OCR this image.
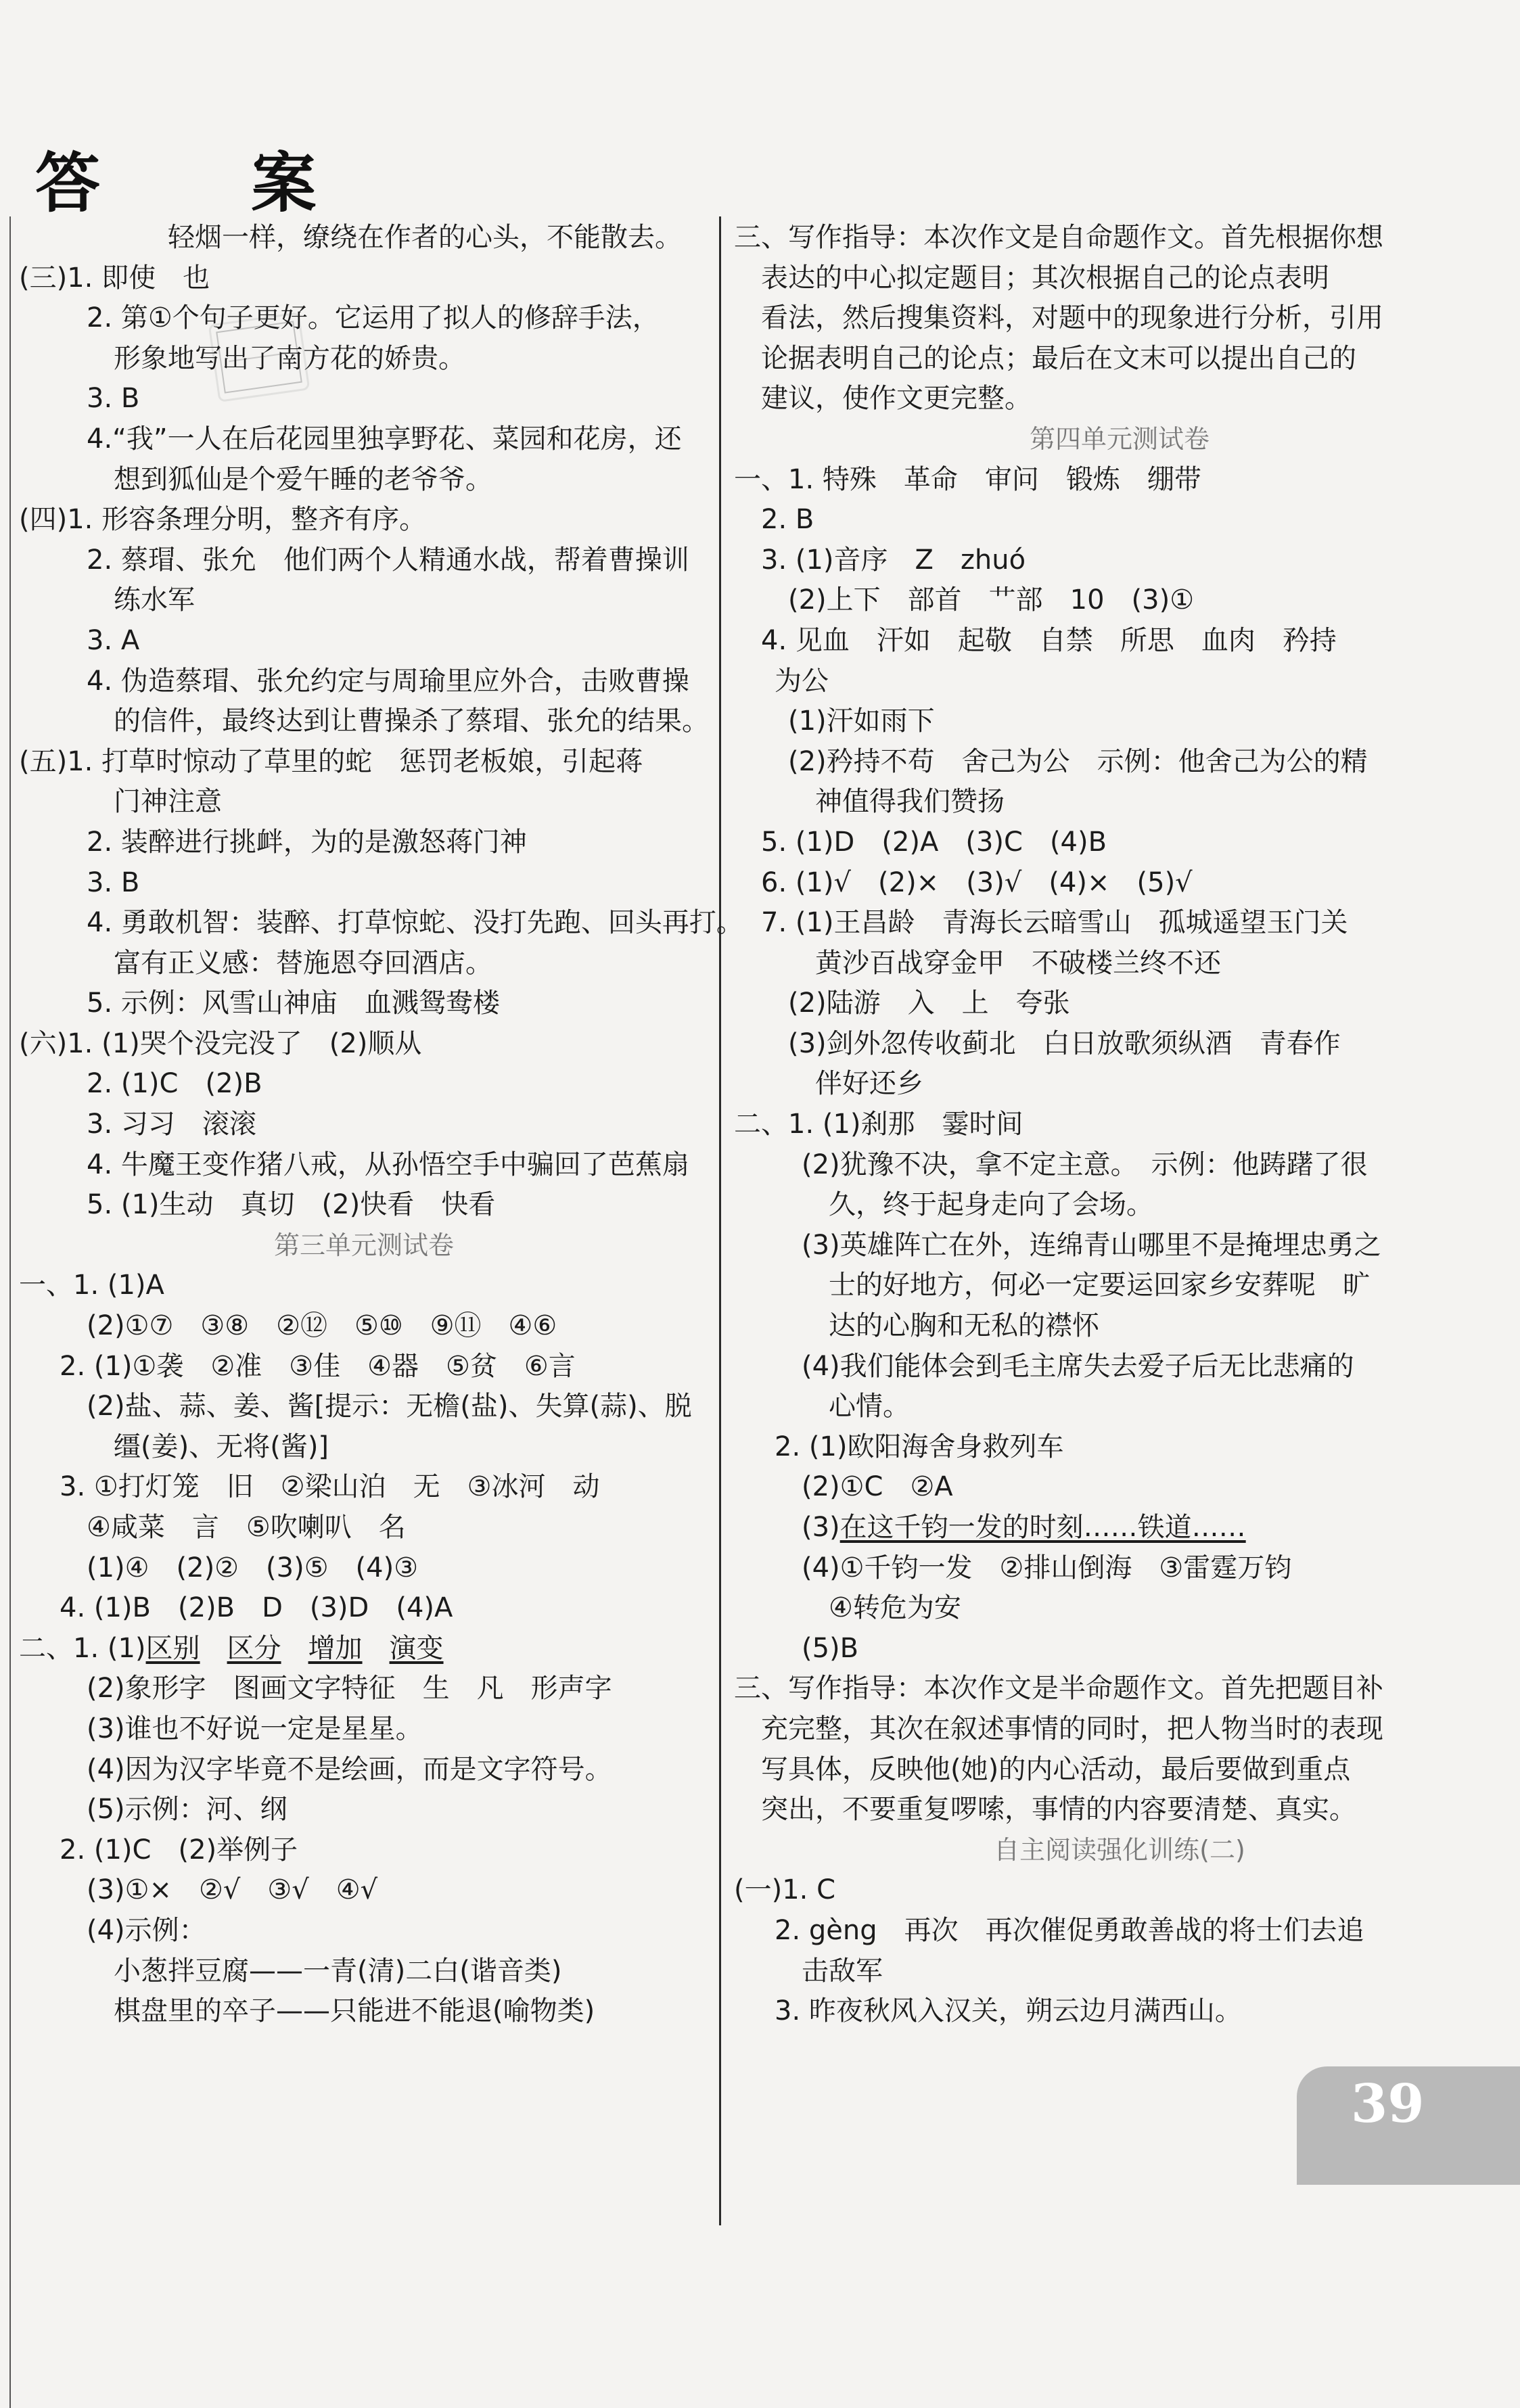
答 案
轻烟一样，缭绕在作者的心头，不能散去。
(三)1. 即使　也
2. 第①个句子更好。它运用了拟人的修辞手法，
形象地写出了南方花的娇贵。
3. B
4.“我”一人在后花园里独享野花、菜园和花房，还
想到狐仙是个爱午睡的老爷爷。
(四)1. 形容条理分明，整齐有序。
2. 蔡瑁、张允　他们两个人精通水战，帮着曹操训
练水军
3. A
4. 伪造蔡瑁、张允约定与周瑜里应外合，击败曹操
的信件，最终达到让曹操杀了蔡瑁、张允的结果。
(五)1. 打草时惊动了草里的蛇　惩罚老板娘，引起蒋
门神注意
2. 装醉进行挑衅，为的是激怒蒋门神
3. B
4. 勇敢机智：装醉、打草惊蛇、没打先跑、回头再打。
富有正义感：替施恩夺回酒店。
5. 示例：风雪山神庙　血溅鸳鸯楼
(六)1. (1)哭个没完没了　(2)顺从
2. (1)C　(2)B
3. 习习　滚滚
4. 牛魔王变作猪八戒，从孙悟空手中骗回了芭蕉扇
5. (1)生动　真切　(2)快看　快看
第三单元测试卷
一、1. (1)A
(2)①⑦　③⑧　②⑫　⑤⑩　⑨⑪　④⑥
2. (1)①袭　②准　③佳　④器　⑤贫　⑥言
(2)盐、蒜、姜、酱[提示：无檐(盐)、失算(蒜)、脱
缰(姜)、无将(酱)]
3. ①打灯笼　旧　②梁山泊　无　③冰河　动
④咸菜　言　⑤吹喇叭　名
(1)④　(2)②　(3)⑤　(4)③
4. (1)B　(2)B　D　(3)D　(4)A
二、1. (1)区别　 区分　 增加　 演变
(2)象形字　图画文字特征　生　凡　形声字
(3)谁也不好说一定是星星。
(4)因为汉字毕竟不是绘画，而是文字符号。
(5)示例：河、纲
2. (1)C　(2)举例子
(3)①×　②√　③√　④√
(4)示例：
小葱拌豆腐——一青(清)二白(谐音类)
棋盘里的卒子——只能进不能退(喻物类)
三、写作指导：本次作文是自命题作文。首先根据你想
表达的中心拟定题目；其次根据自己的论点表明
看法，然后搜集资料，对题中的现象进行分析，引用
论据表明自己的论点；最后在文末可以提出自己的
建议，使作文更完整。
第四单元测试卷
一、1. 特殊　革命　审问　锻炼　绷带
2. B
3. (1)音序　Z　zhuó
(2)上下　部首　艹部　10　(3)①
4. 见血　汗如　起敬　自禁　所思　血肉　矜持
为公
(1)汗如雨下
(2)矜持不苟　舍己为公　示例：他舍己为公的精
神值得我们赞扬
5. (1)D　(2)A　(3)C　(4)B
6. (1)√　(2)×　(3)√　(4)×　(5)√
7. (1)王昌龄　青海长云暗雪山　孤城遥望玉门关
黄沙百战穿金甲　不破楼兰终不还
(2)陆游　入　上　夸张
(3)剑外忽传收蓟北　白日放歌须纵酒　青春作
伴好还乡
二、1. (1)刹那　霎时间
(2)犹豫不决，拿不定主意。　示例：他踌躇了很
久，终于起身走向了会场。
(3)英雄阵亡在外，连绵青山哪里不是掩埋忠勇之
士的好地方，何必一定要运回家乡安葬呢　旷
达的心胸和无私的襟怀
(4)我们能体会到毛主席失去爱子后无比悲痛的
心情。
2. (1)欧阳海舍身救列车
(2)①C　②A
(3)在这千钧一发的时刻……铁道……
(4)①千钧一发　②排山倒海　③雷霆万钧
④转危为安
(5)B
三、写作指导：本次作文是半命题作文。首先把题目补
充完整，其次在叙述事情的同时，把人物当时的表现
写具体，反映他(她)的内心活动，最后要做到重点
突出，不要重复啰嗦，事情的内容要清楚、真实。
自主阅读强化训练(二)
(一)1. C
2. gèng　再次　再次催促勇敢善战的将士们去追
击敌军
3. 昨夜秋风入汉关，朔云边月满西山。
39
